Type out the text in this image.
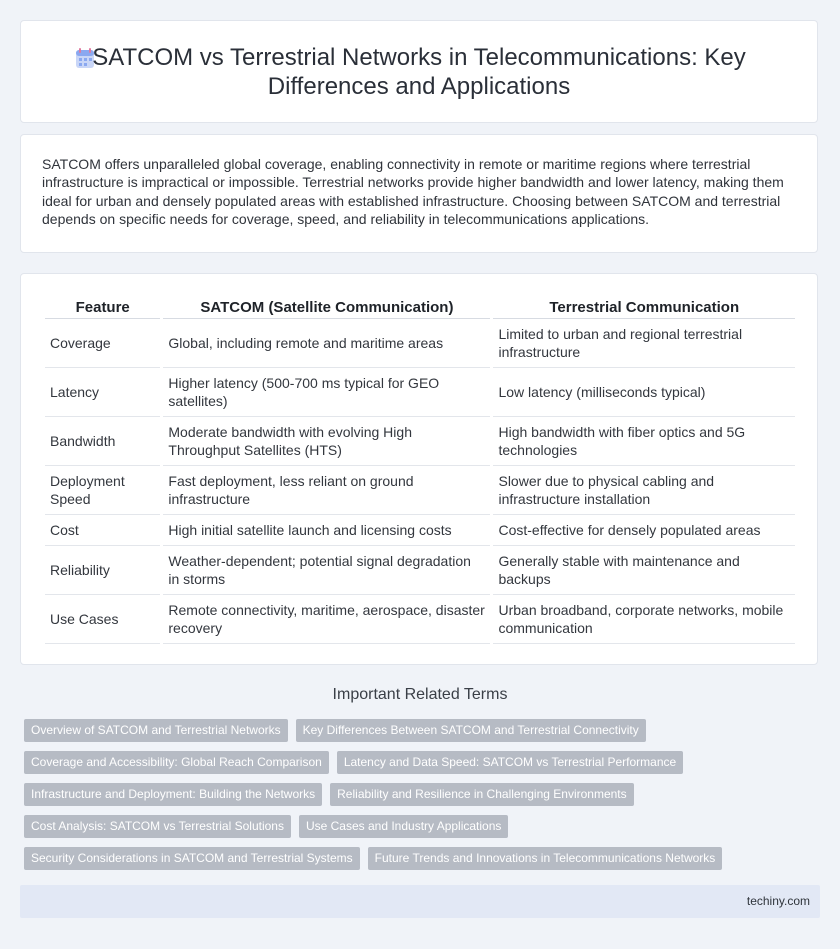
SATCOM vs Terrestrial Networks in Telecommunications: Key
Differences and Applications
SATCOM offers unparalleled global coverage, enabling connectivity in remote or maritime regions where terrestrial infrastructure is impractical or impossible. Terrestrial networks provide higher bandwidth and lower latency, making them ideal for urban and densely populated areas with established infrastructure. Choosing between SATCOM and terrestrial depends on specific needs for coverage, speed, and reliability in telecommunications applications.
Feature	SATCOM (Satellite Communication)	Terrestrial Communication
Coverage	Global, including remote and maritime areas	Limited to urban and regional terrestrial infrastructure
Latency	Higher latency (500-700 ms typical for GEO satellites)	Low latency (milliseconds typical)
Bandwidth	Moderate bandwidth with evolving High Throughput Satellites (HTS)	High bandwidth with fiber optics and 5G technologies
Deployment Speed	Fast deployment, less reliant on ground infrastructure	Slower due to physical cabling and infrastructure installation
Cost	High initial satellite launch and licensing costs	Cost-effective for densely populated areas
Reliability	Weather-dependent; potential signal degradation in storms	Generally stable with maintenance and backups
Use Cases	Remote connectivity, maritime, aerospace, disaster recovery	Urban broadband, corporate networks, mobile communication
Important Related Terms
Overview of SATCOM and Terrestrial Networks	Key Differences Between SATCOM and Terrestrial Connectivity
Coverage and Accessibility: Global Reach Comparison	Latency and Data Speed: SATCOM vs Terrestrial Performance
Infrastructure and Deployment: Building the Networks	Reliability and Resilience in Challenging Environments
Cost Analysis: SATCOM vs Terrestrial Solutions	Use Cases and Industry Applications
Security Considerations in SATCOM and Terrestrial Systems	Future Trends and Innovations in Telecommunications Networks
techiny.com
